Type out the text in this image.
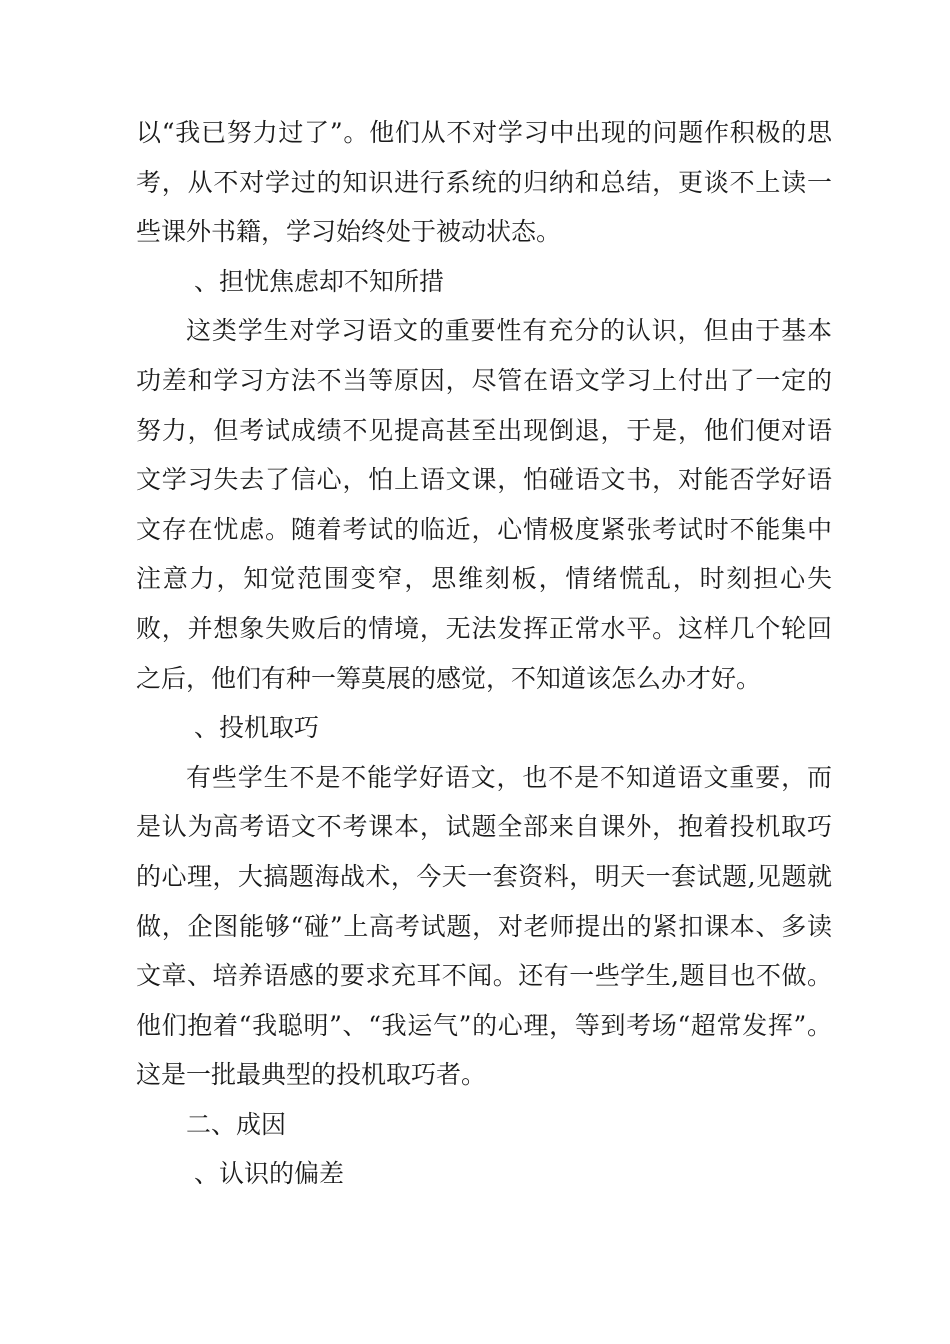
以“我已努力过了”。他们从不对学习中出现的问题作积极的思考，从不对学过的知识进行系统的归纳和总结，更谈不上读一些课外书籍，学习始终处于被动状态。

、担忧焦虑却不知所措

这类学生对学习语文的重要性有充分的认识，但由于基本功差和学习方法不当等原因，尽管在语文学习上付出了一定的努力，但考试成绩不见提高甚至出现倒退，于是，他们便对语文学习失去了信心，怕上语文课，怕碰语文书，对能否学好语文存在忧虑。随着考试的临近，心情极度紧张考试时不能集中注意力，知觉范围变窄，思维刻板，情绪慌乱，时刻担心失败，并想象失败后的情境，无法发挥正常水平。这样几个轮回之后，他们有种一筹莫展的感觉，不知道该怎么办才好。

、投机取巧

有些学生不是不能学好语文，也不是不知道语文重要，而是认为高考语文不考课本，试题全部来自课外，抱着投机取巧的心理，大搞题海战术，今天一套资料，明天一套试题,见题就做，企图能够“碰”上高考试题，对老师提出的紧扣课本、多读文章、培养语感的要求充耳不闻。还有一些学生,题目也不做。他们抱着“我聪明”、“我运气”的心理，等到考场“超常发挥”。这是一批最典型的投机取巧者。

二、成因

、认识的偏差
